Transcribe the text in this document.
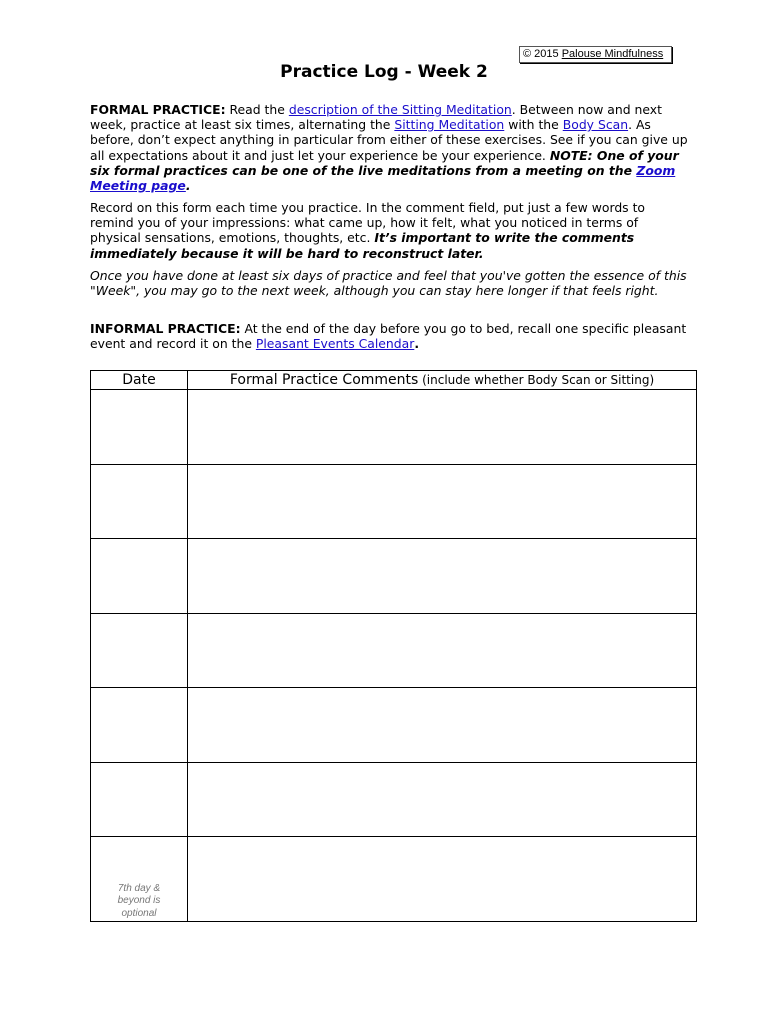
© 2015 Palouse Mindfulness
Practice Log - Week 2
FORMAL PRACTICE: Read the description of the Sitting Meditation. Between now and next week, practice at least six times, alternating the Sitting Meditation with the Body Scan. As before, don’t expect anything in particular from either of these exercises. See if you can give up all expectations about it and just let your experience be your experience. NOTE: One of your six formal practices can be one of the live meditations from a meeting on the Zoom Meeting page.
Record on this form each time you practice. In the comment field, put just a few words to remind you of your impressions: what came up, how it felt, what you noticed in terms of physical sensations, emotions, thoughts, etc. It’s important to write the comments immediately because it will be hard to reconstruct later.
Once you have done at least six days of practice and feel that you've gotten the essence of this "Week", you may go to the next week, although you can stay here longer if that feels right.
INFORMAL PRACTICE: At the end of the day before you go to bed, recall one specific pleasant event and record it on the Pleasant Events Calendar.
Date	Formal Practice Comments (include whether Body Scan or Sitting)

7th day & beyond is optional	
